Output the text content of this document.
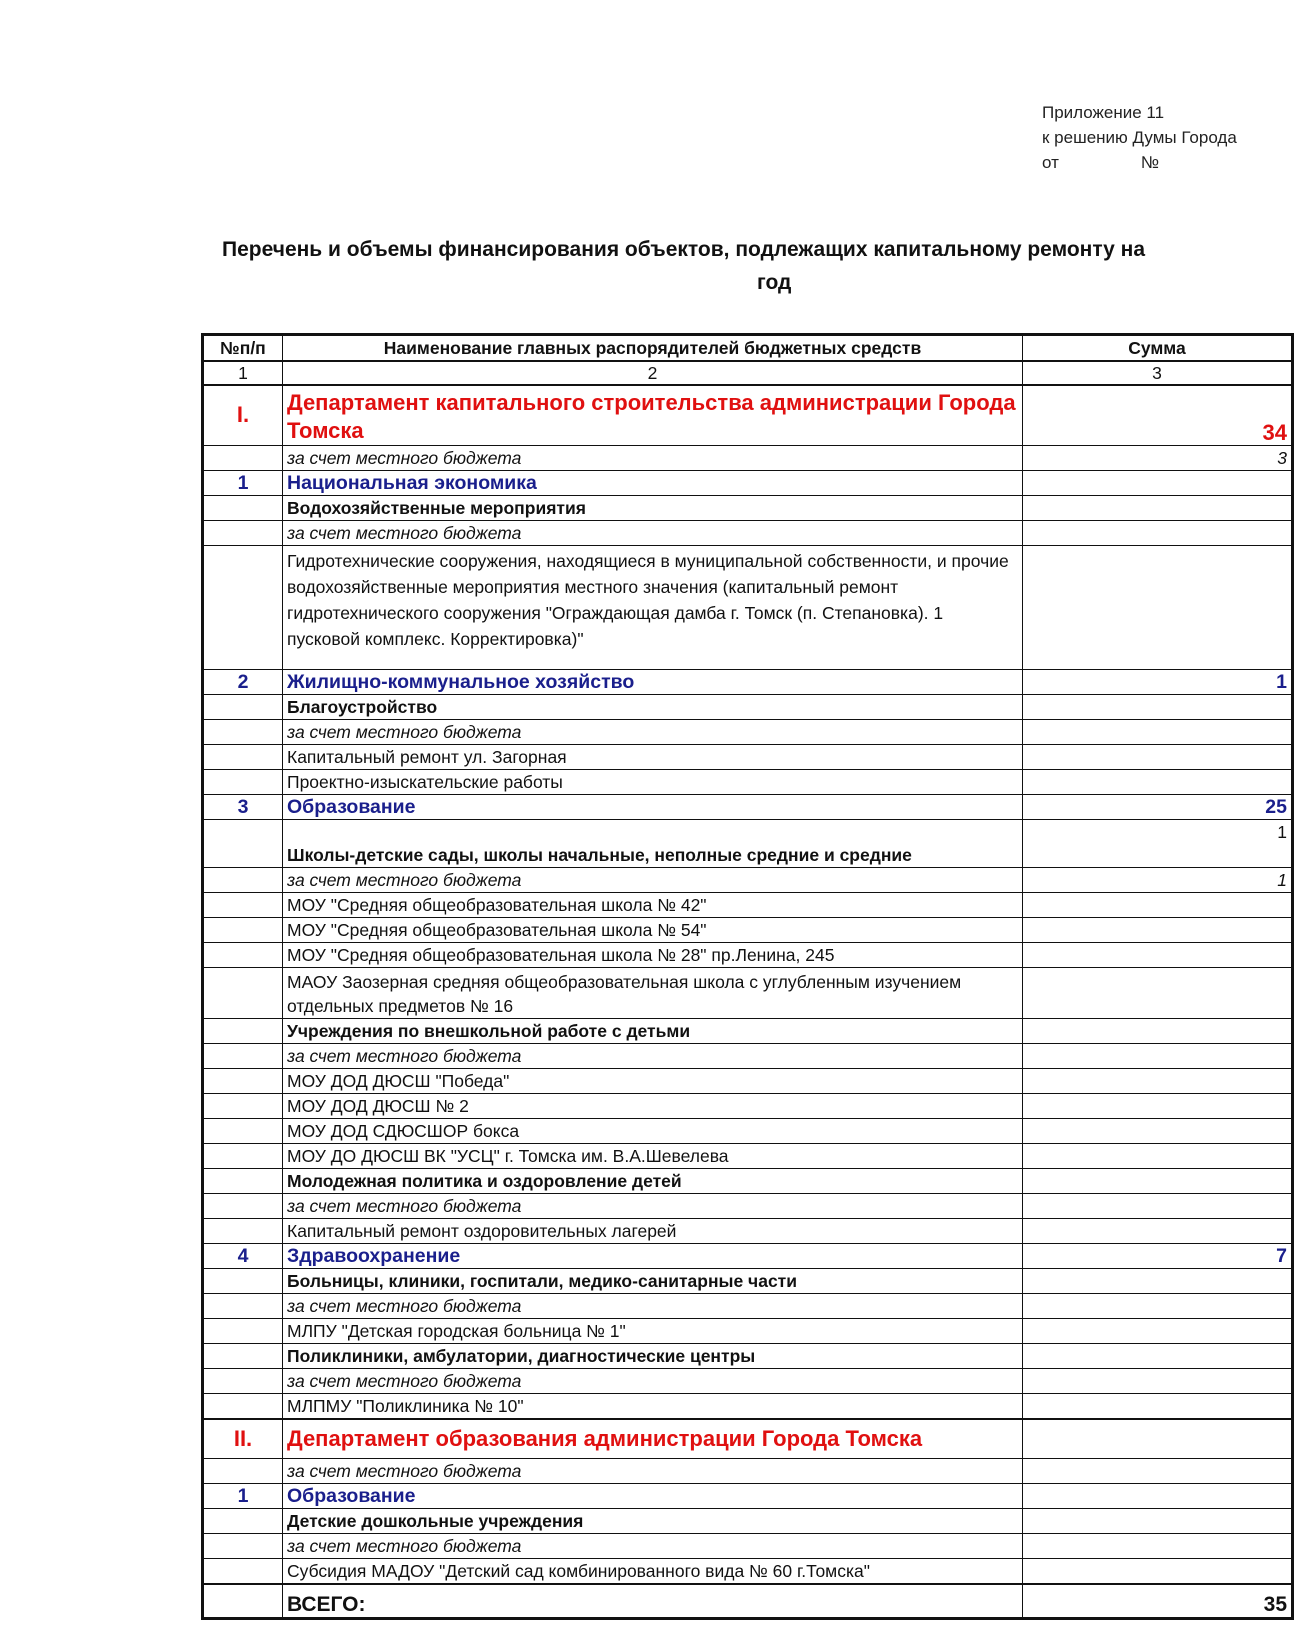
Приложение 11
к решению Думы Города
от	№
Перечень и объемы финансирования объектов, подлежащих капитальному ремонту на
год
№п/п	Наименование главных распорядителей бюджетных средств	Сумма
1	2	3
I.	Департамент капитального строительства администрации Города Томска	34
	за счет местного бюджета	3
1	Национальная экономика	
	Водохозяйственные мероприятия	
	за счет местного бюджета	
	Гидротехнические сооружения, находящиеся в муниципальной собственности, и прочие водохозяйственные мероприятия местного значения (капитальный ремонт гидротехнического сооружения "Ограждающая дамба г. Томск (п. Степановка). 1 пусковой комплекс. Корректировка)"	
2	Жилищно-коммунальное хозяйство	1
	Благоустройство	
	за счет местного бюджета	
	Капитальный ремонт ул. Загорная	
	Проектно-изыскательские работы	
3	Образование	25
	Школы-детские сады, школы начальные, неполные средние и средние	1
	за счет местного бюджета	1
	МОУ "Средняя общеобразовательная школа № 42"	
	МОУ "Средняя общеобразовательная школа № 54"	
	МОУ "Средняя общеобразовательная школа № 28" пр.Ленина, 245	
	МАОУ Заозерная средняя общеобразовательная школа с углубленным изучением отдельных предметов № 16	
	Учреждения по внешкольной работе с детьми	
	за счет местного бюджета	
	МОУ ДОД ДЮСШ "Победа"	
	МОУ ДОД ДЮСШ № 2	
	МОУ ДОД СДЮСШОР бокса	
	МОУ ДО ДЮСШ ВК "УСЦ" г. Томска им. В.А.Шевелева	
	Молодежная политика и оздоровление детей	
	за счет местного бюджета	
	Капитальный ремонт оздоровительных лагерей	
4	Здравоохранение	7
	Больницы, клиники, госпитали, медико-санитарные части	
	за счет местного бюджета	
	МЛПУ "Детская городская больница № 1"	
	Поликлиники, амбулатории, диагностические центры	
	за счет местного бюджета	
	МЛПМУ "Поликлиника № 10"	
II.	Департамент образования администрации Города Томска	
	за счет местного бюджета	
1	Образование	
	Детские дошкольные учреждения	
	за счет местного бюджета	
	Субсидия МАДОУ "Детский сад комбинированного вида № 60 г.Томска"	
	ВСЕГО:	35
